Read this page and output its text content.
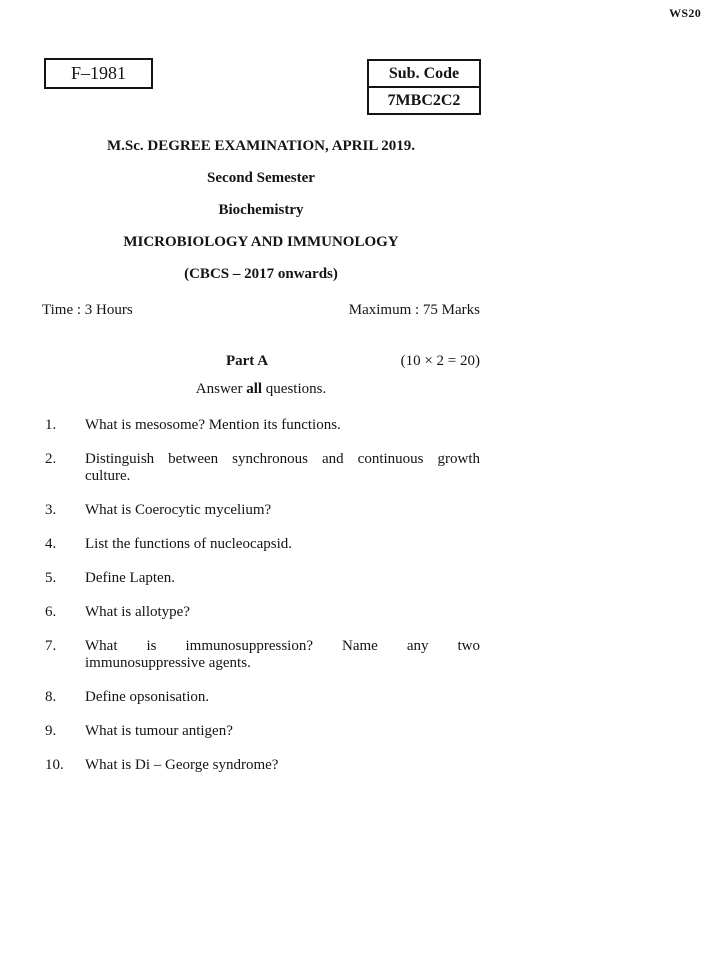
WS20
F–1981	Sub. Code
7MBC2C2
M.Sc. DEGREE EXAMINATION, APRIL 2019.
Second Semester
Biochemistry
MICROBIOLOGY AND IMMUNOLOGY
(CBCS – 2017 onwards)
Time : 3 Hours	Maximum : 75 Marks
Part A	(10 × 2 = 20)
Answer all questions.
1.	What is mesosome? Mention its functions.
2.	Distinguish between synchronous and continuous growth
culture.
3.	What is Coerocytic mycelium?
4.	List the functions of nucleocapsid.
5.	Define Lapten.
6.	What is allotype?
7.	What is immunosuppression? Name any two
immunosuppressive agents.
8.	Define opsonisation.
9.	What is tumour antigen?
10.	What is Di – George syndrome?
